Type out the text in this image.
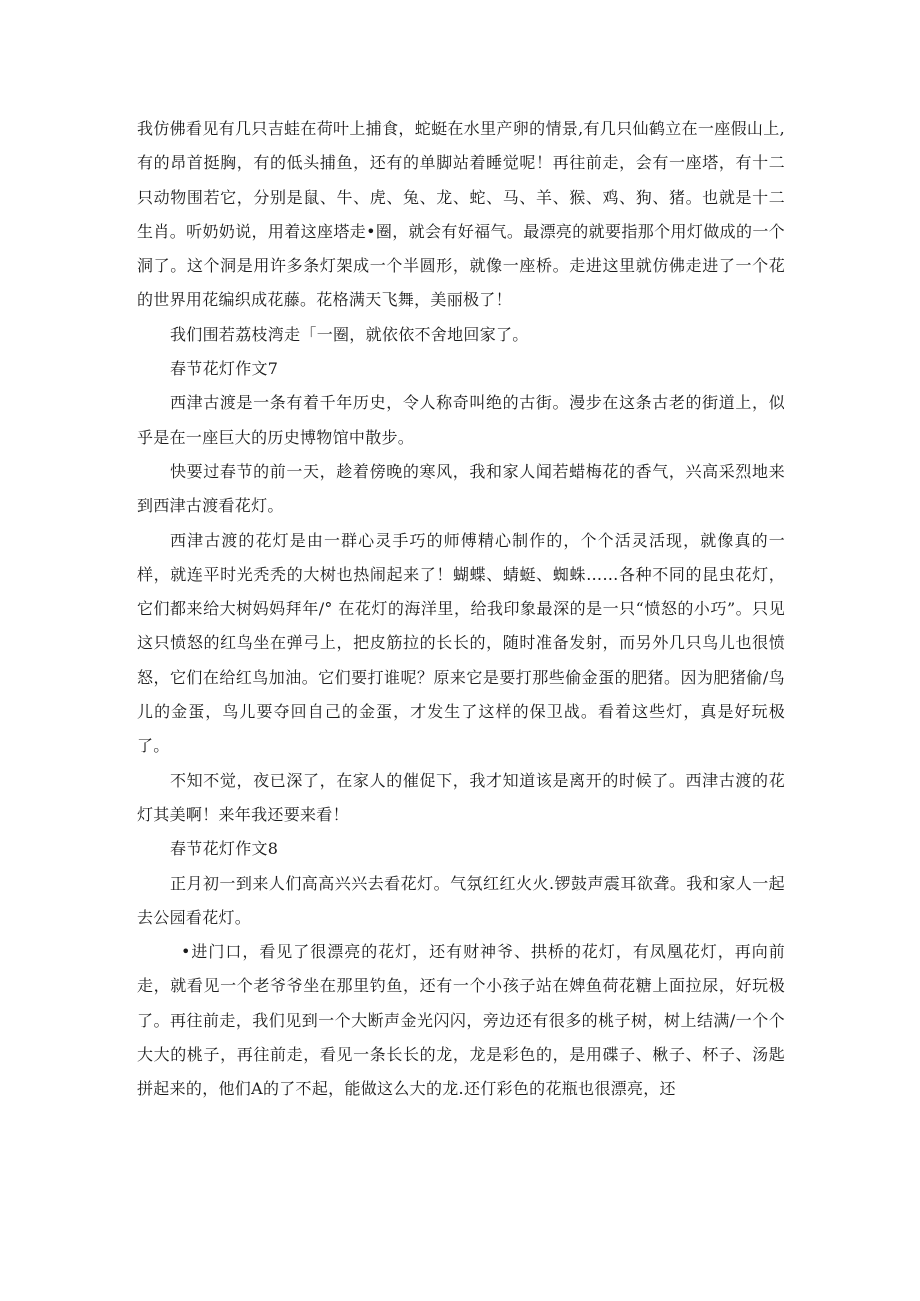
我仿佛看见有几只吉蛙在荷叶上捕食，蛇蜓在水里产卵的情景,有几只仙鹤立在一座假山上,有的昂首挺胸，有的低头捕鱼，还有的单脚站着睡觉呢！再往前走，会有一座塔，有十二只动物围若它，分别是鼠、牛、虎、兔、龙、蛇、马、羊、猴、鸡、狗、猪。也就是十二生肖。听奶奶说，用着这座塔走•圈，就会有好福气。最漂亮的就要指那个用灯做成的一个洞了。这个洞是用许多条灯架成一个半圆形，就像一座桥。走进这里就仿佛走进了一个花的世界用花编织成花藤。花格满天飞舞，美丽极了！

我们围若荔枝湾走「一圈，就依依不舍地回家了。

春节花灯作文7

西津古渡是一条有着千年历史，令人称奇叫绝的古街。漫步在这条古老的街道上，似乎是在一座巨大的历史博物馆中散步。

快要过春节的前一天，趁着傍晚的寒风，我和家人闻若蜡梅花的香气，兴高采烈地来到西津古渡看花灯。

西津古渡的花灯是由一群心灵手巧的师傅精心制作的，个个活灵活现，就像真的一样，就连平时光秃秃的大树也热闹起来了！蝴蝶、蜻蜓、蜘蛛……各种不同的昆虫花灯，它们都来给大树妈妈拜年/° 在花灯的海洋里，给我印象最深的是一只“愤怒的小巧”。只见这只愤怒的红鸟坐在弹弓上，把皮筋拉的长长的，随时准备发射，而另外几只鸟儿也很愤怒，它们在给红鸟加油。它们要打谁呢？原来它是要打那些偷金蛋的肥猪。因为肥猪偷/鸟儿的金蛋，鸟儿要夺回自己的金蛋，才发生了这样的保卫战。看着这些灯，真是好玩极了。

不知不觉，夜已深了，在家人的催促下，我才知道该是离开的时候了。西津古渡的花灯其美啊！来年我还要来看！

春节花灯作文8

正月初一到来人们高高兴兴去看花灯。气氛红红火火.锣鼓声震耳欲聋。我和家人一起去公园看花灯。

•进门口，看见了很漂亮的花灯，还有财神爷、拱桥的花灯，有凤凰花灯，再向前走，就看见一个老爷爷坐在那里钓鱼，还有一个小孩子站在婢鱼荷花糖上面拉尿，好玩极了。再往前走，我们见到一个大断声金光闪闪，旁边还有很多的桃子树，树上结满/一个个大大的桃子，再往前走，看见一条长长的龙，龙是彩色的，是用碟子、楸子、杯子、汤匙拼起来的，他们A的了不起，能做这么大的龙.还仃彩色的花瓶也很漂亮，还
